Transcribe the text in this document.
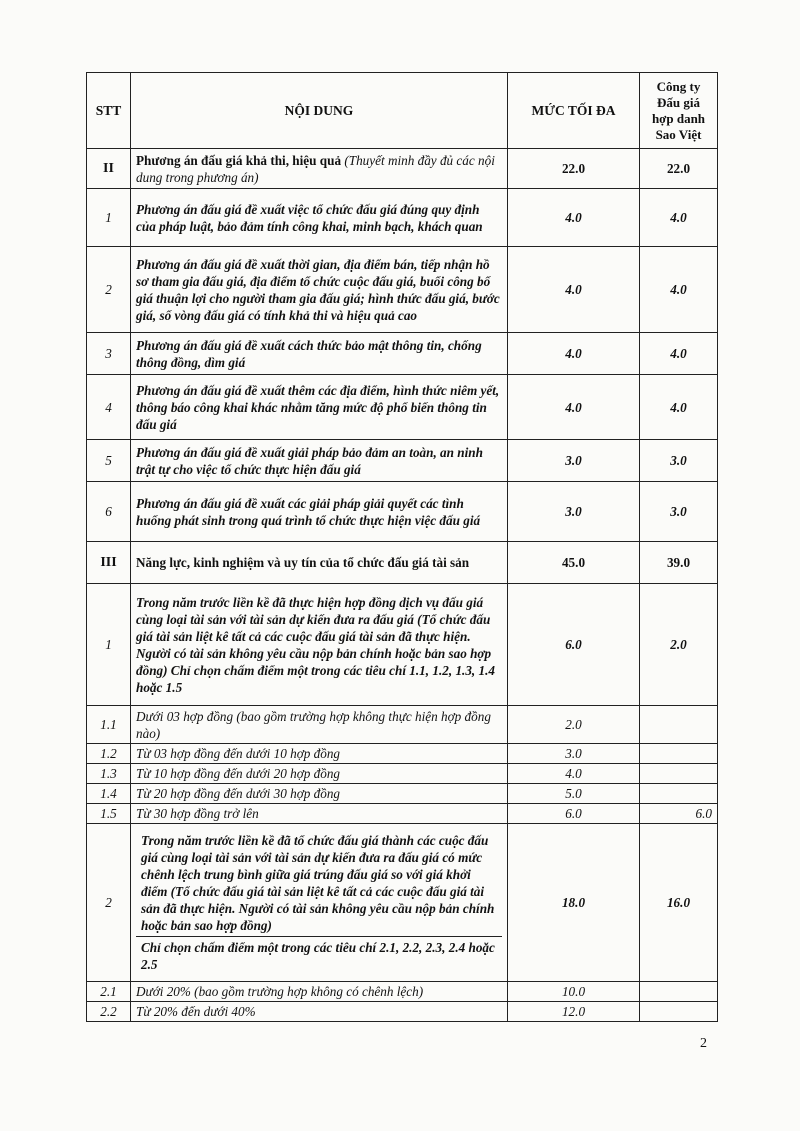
STT	NỘI DUNG	MỨC TỐI ĐA	Công ty Đấu giá hợp danh Sao Việt
II	Phương án đấu giá khả thi, hiệu quả (Thuyết minh đầy đủ các nội dung trong phương án)	22.0	22.0
1	Phương án đấu giá đề xuất việc tổ chức đấu giá đúng quy định của pháp luật, bảo đảm tính công khai, minh bạch, khách quan	4.0	4.0
2	Phương án đấu giá đề xuất thời gian, địa điểm bán, tiếp nhận hồ sơ tham gia đấu giá, địa điểm tổ chức cuộc đấu giá, buổi công bố giá thuận lợi cho người tham gia đấu giá; hình thức đấu giá, bước giá, số vòng đấu giá có tính khả thi và hiệu quả cao	4.0	4.0
3	Phương án đấu giá đề xuất cách thức bảo mật thông tin, chống thông đồng, dìm giá	4.0	4.0
4	Phương án đấu giá đề xuất thêm các địa điểm, hình thức niêm yết, thông báo công khai khác nhằm tăng mức độ phổ biến thông tin đấu giá	4.0	4.0
5	Phương án đấu giá đề xuất giải pháp bảo đảm an toàn, an ninh trật tự cho việc tổ chức thực hiện đấu giá	3.0	3.0
6	Phương án đấu giá đề xuất các giải pháp giải quyết các tình huống phát sinh trong quá trình tổ chức thực hiện việc đấu giá	3.0	3.0
III	Năng lực, kinh nghiệm và uy tín của tổ chức đấu giá tài sản	45.0	39.0
1	Trong năm trước liền kề đã thực hiện hợp đồng dịch vụ đấu giá cùng loại tài sản với tài sản dự kiến đưa ra đấu giá (Tổ chức đấu giá tài sản liệt kê tất cả các cuộc đấu giá tài sản đã thực hiện. Người có tài sản không yêu cầu nộp bản chính hoặc bản sao hợp đồng) Chỉ chọn chấm điểm một trong các tiêu chí 1.1, 1.2, 1.3, 1.4 hoặc 1.5	6.0	2.0
1.1	Dưới 03 hợp đồng (bao gồm trường hợp không thực hiện hợp đồng nào)	2.0	
1.2	Từ 03 hợp đồng đến dưới 10 hợp đồng	3.0	
1.3	Từ 10 hợp đồng đến dưới 20 hợp đồng	4.0	
1.4	Từ 20 hợp đồng đến dưới 30 hợp đồng	5.0	
1.5	Từ 30 hợp đồng trở lên	6.0	6.0
2	Trong năm trước liền kề đã tổ chức đấu giá thành các cuộc đấu giá cùng loại tài sản với tài sản dự kiến đưa ra đấu giá có mức chênh lệch trung bình giữa giá trúng đấu giá so với giá khởi điểm (Tổ chức đấu giá tài sản liệt kê tất cả các cuộc đấu giá tài sản đã thực hiện. Người có tài sản không yêu cầu nộp bản chính hoặc bản sao hợp đồng)
Chỉ chọn chấm điểm một trong các tiêu chí 2.1, 2.2, 2.3, 2.4 hoặc 2.5	18.0	16.0
2.1	Dưới 20% (bao gồm trường hợp không có chênh lệch)	10.0	
2.2	Từ 20% đến dưới 40%	12.0	
2
